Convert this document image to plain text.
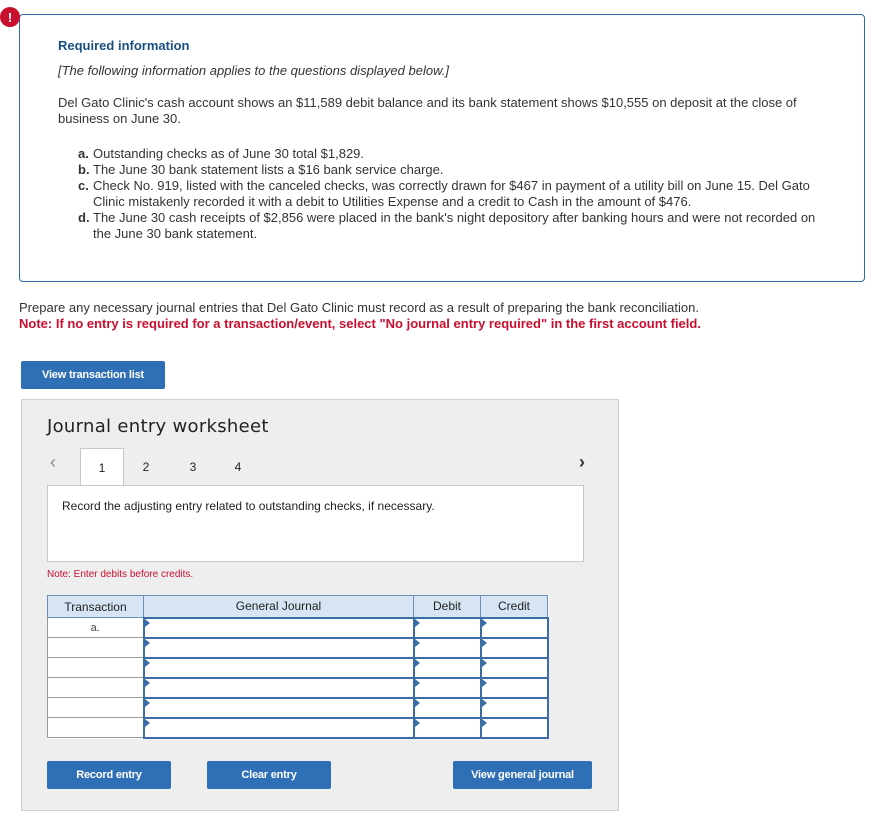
!
Required information
[The following information applies to the questions displayed below.]
Del Gato Clinic's cash account shows an $11,589 debit balance and its bank statement shows $10,555 on deposit at the close of business on June 30.
a. Outstanding checks as of June 30 total $1,829.
b. The June 30 bank statement lists a $16 bank service charge.
c. Check No. 919, listed with the canceled checks, was correctly drawn for $467 in payment of a utility bill on June 15. Del Gato Clinic mistakenly recorded it with a debit to Utilities Expense and a credit to Cash in the amount of $476.
d. The June 30 cash receipts of $2,856 were placed in the bank's night depository after banking hours and were not recorded on the June 30 bank statement.
Prepare any necessary journal entries that Del Gato Clinic must record as a result of preparing the bank reconciliation.
Note: If no entry is required for a transaction/event, select "No journal entry required" in the first account field.
View transaction list
Journal entry worksheet
‹	1	2	3	4	›
Record the adjusting entry related to outstanding checks, if necessary.
Note: Enter debits before credits.
Transaction	General Journal	Debit	Credit
a.			

Record entry	Clear entry	View general journal
